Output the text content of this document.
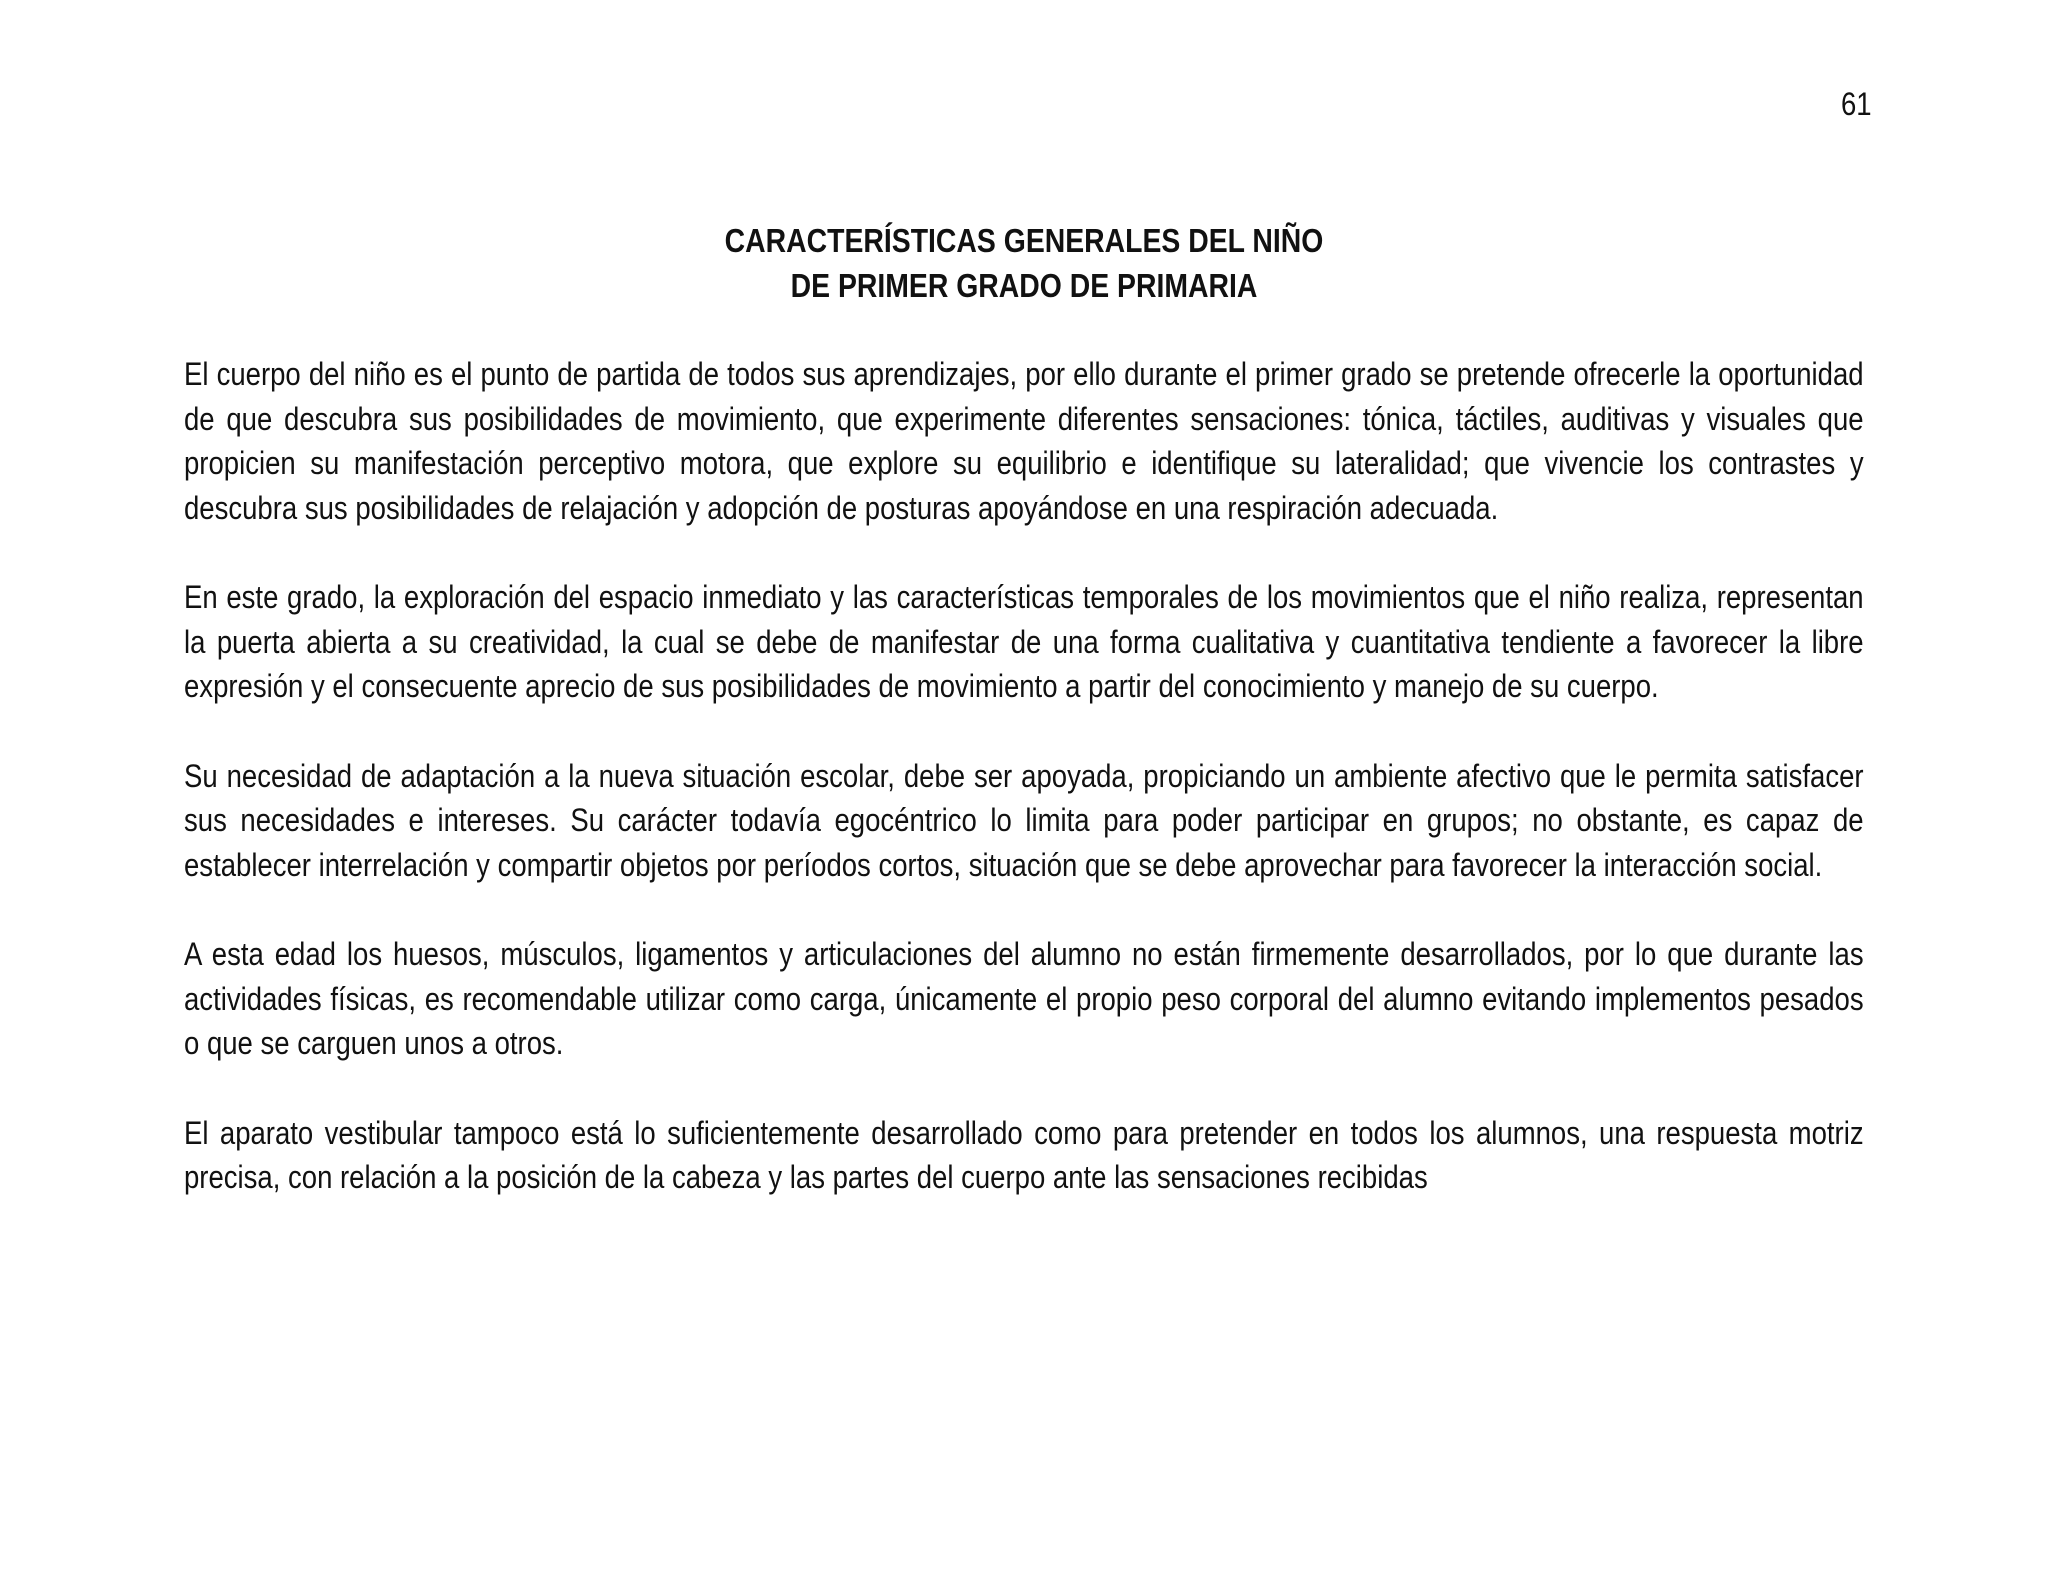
61
CARACTERÍSTICAS GENERALES DEL NIÑO
DE PRIMER GRADO DE PRIMARIA

El cuerpo del niño es el punto de partida de todos sus aprendizajes, por ello durante el primer grado se pretende ofrecerle la oportunidad de que descubra sus posibilidades de movimiento, que experimente diferentes sensaciones: tónica, táctiles, auditivas y visuales que propicien su manifestación perceptivo motora, que explore su equilibrio e identifique su lateralidad; que vivencie los contrastes y descubra sus posibilidades de relajación y adopción de posturas apoyándose en una respiración adecuada.

En este grado, la exploración del espacio inmediato y las características temporales de los movimientos que el niño realiza, representan la puerta abierta a su creatividad, la cual se debe de manifestar de una forma cualitativa y cuantitativa tendiente a favorecer la libre expresión y el consecuente aprecio de sus posibilidades de movimiento a partir del conocimiento y manejo de su cuerpo.

Su necesidad de adaptación a la nueva situación escolar, debe ser apoyada, propiciando un ambiente afectivo que le permita satisfacer sus necesidades e intereses. Su carácter todavía egocéntrico lo limita para poder participar en grupos; no obstante, es capaz de establecer interrelación y compartir objetos por períodos cortos, situación que se debe aprovechar para favorecer la interacción social.

A esta edad los huesos, músculos, ligamentos y articulaciones del alumno no están firmemente desarrollados, por lo que durante las actividades físicas, es recomendable utilizar como carga, únicamente el propio peso corporal del alumno evitando implementos pesados o que se carguen unos a otros.

El aparato vestibular tampoco está lo suficientemente desarrollado como para pretender en todos los alumnos, una respuesta motriz precisa, con relación a la posición de la cabeza y las partes del cuerpo ante las sensaciones recibidas
